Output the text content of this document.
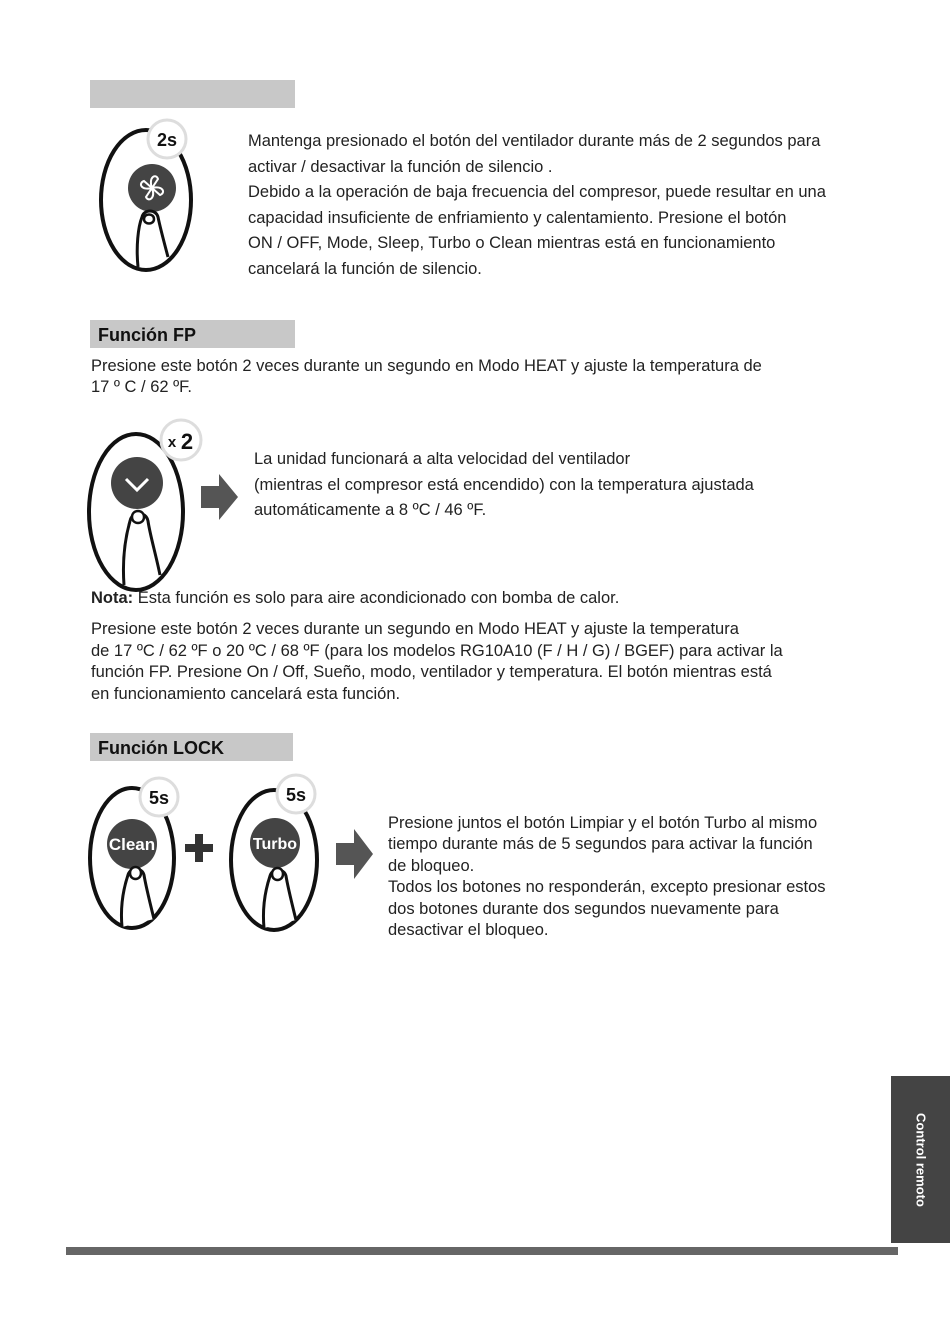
2s	Mantenga presionado el botón del ventilador durante más de 2 segundos para

activar / desactivar la función de silencio .

Debido a la operación de baja frecuencia del compresor, puede resultar en una

capacidad insuficiente de enfriamiento y calentamiento. Presione el botón

ON / OFF, Mode, Sleep, Turbo o Clean mientras está en funcionamiento

cancelará la función de silencio.

Función FP

Presione este botón 2 veces durante un segundo en Modo HEAT y ajuste la temperatura de

17 º C / 62 ºF.

x 2

La unidad funcionará a alta velocidad del ventilador

(mientras el compresor está encendido) con la temperatura ajustada

automáticamente a 8 ºC / 46 ºF.

Nota: Esta función es solo para aire acondicionado con bomba de calor.

Presione este botón 2 veces durante un segundo en Modo HEAT y ajuste la temperatura

de 17 ºC / 62 ºF o 20 ºC / 68 ºF (para los modelos RG10A10 (F / H / G) / BGEF) para activar la

función FP. Presione On / Off, Sueño, modo, ventilador y temperatura. El botón mientras está

en funcionamiento cancelará esta función.

Función LOCK
Clean
5s
Turbo
5s

Presione juntos el botón Limpiar y el botón Turbo al mismo

tiempo durante más de 5 segundos para activar la función

de bloqueo.

Todos los botones no responderán, excepto presionar estos

dos botones durante dos segundos nuevamente para

desactivar el bloqueo.

Control remoto
